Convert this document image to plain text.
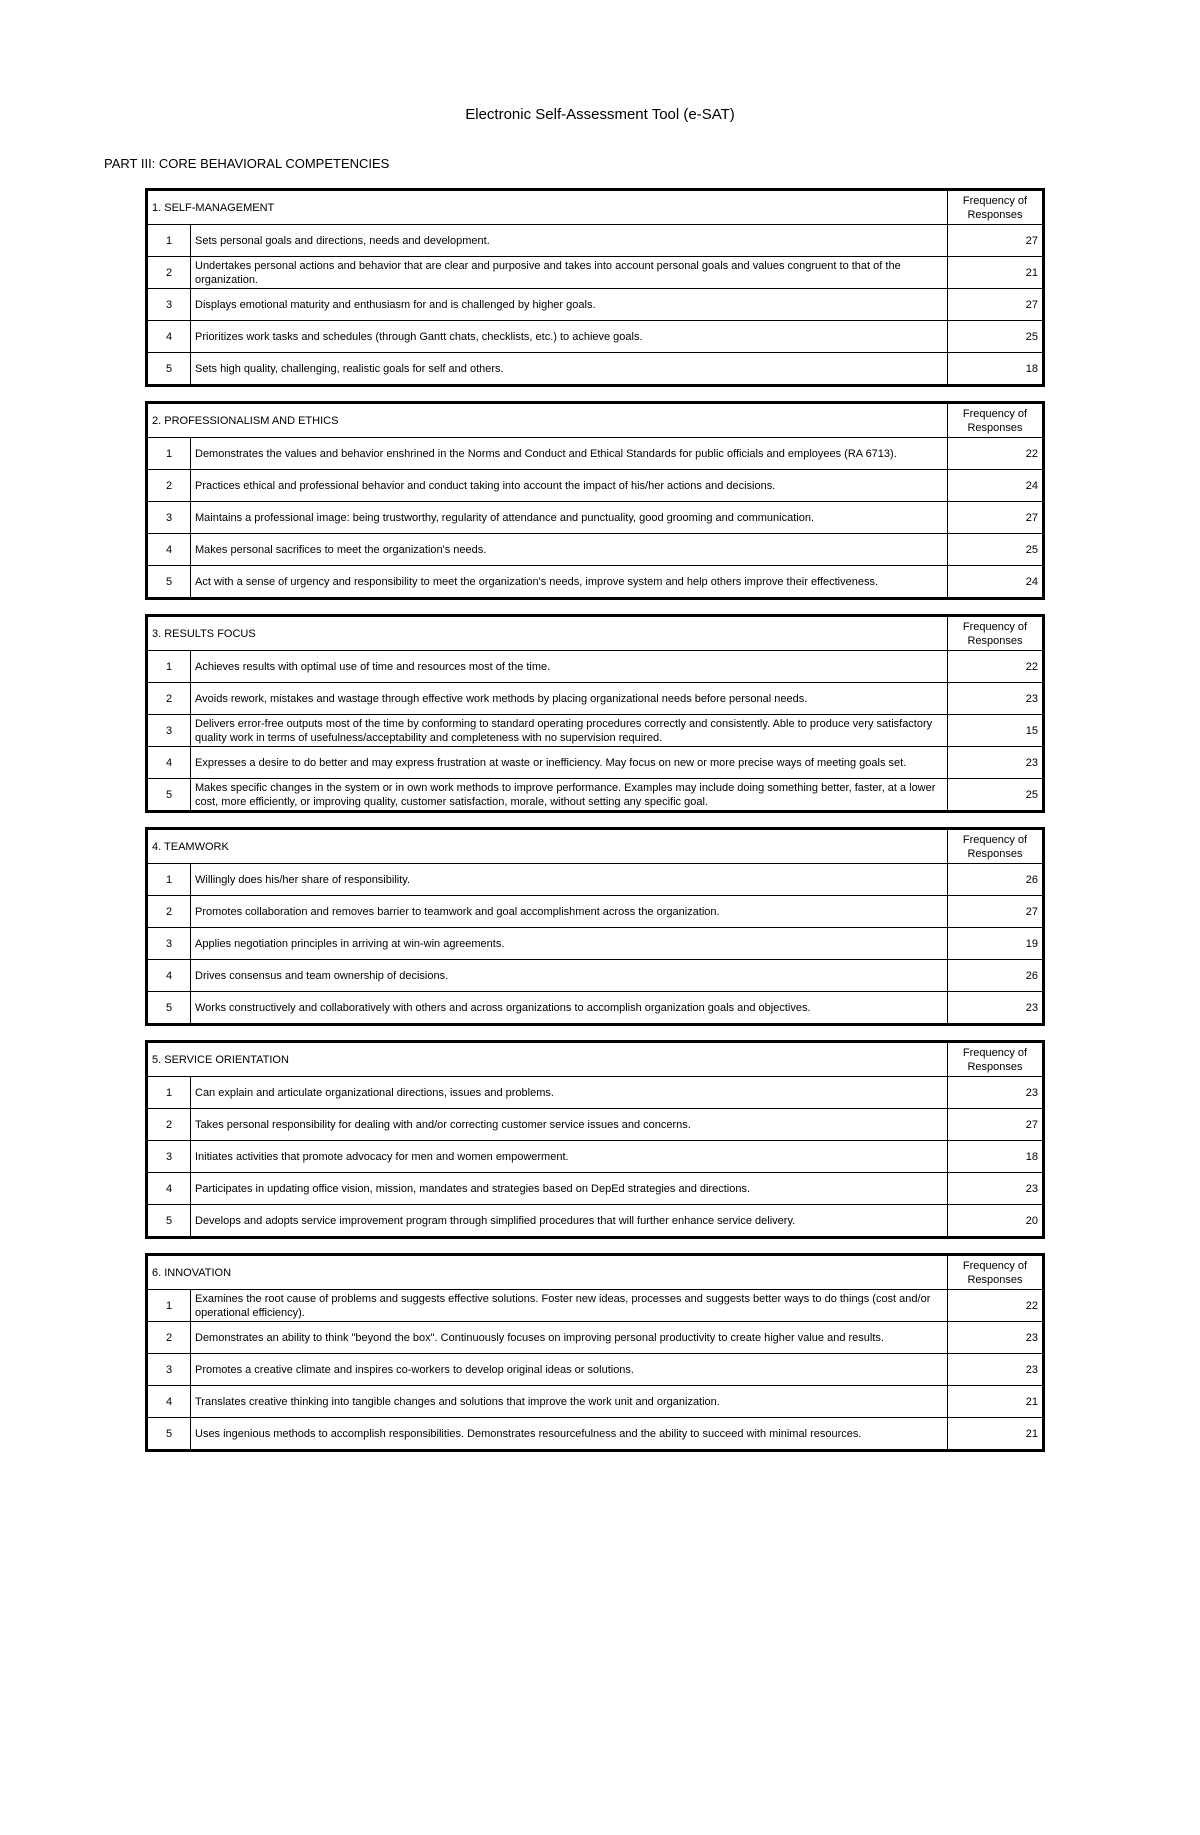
Electronic Self-Assessment Tool (e-SAT)
PART III: CORE BEHAVIORAL COMPETENCIES
1. SELF-MANAGEMENT		Frequency of Responses
1	Sets personal goals and directions, needs and development.	27
2	Undertakes personal actions and behavior that are clear and purposive and takes into account personal goals and values congruent to that of the organization.	21
3	Displays emotional maturity and enthusiasm for and is challenged by higher goals.	27
4	Prioritizes work tasks and schedules (through Gantt chats, checklists, etc.) to achieve goals.	25
5	Sets high quality, challenging, realistic goals for self and others.	18
2. PROFESSIONALISM AND ETHICS		Frequency of Responses
1	Demonstrates the values and behavior enshrined in the Norms and Conduct and Ethical Standards for public officials and employees (RA 6713).	22
2	Practices ethical and professional behavior and conduct taking into account the impact of his/her actions and decisions.	24
3	Maintains a professional image: being trustworthy, regularity of attendance and punctuality, good grooming and communication.	27
4	Makes personal sacrifices to meet the organization's needs.	25
5	Act with a sense of urgency and responsibility to meet the organization's needs, improve system and help others improve their effectiveness.	24
3. RESULTS FOCUS		Frequency of Responses
1	Achieves results with optimal use of time and resources most of the time.	22
2	Avoids rework, mistakes and wastage through effective work methods by placing organizational needs before personal needs.	23
3	Delivers error-free outputs most of the time by conforming to standard operating procedures correctly and consistently. Able to produce very satisfactory quality work in terms of usefulness/acceptability and completeness with no supervision required.	15
4	Expresses a desire to do better and may express frustration at waste or inefficiency. May focus on new or more precise ways of meeting goals set.	23
5	Makes specific changes in the system or in own work methods to improve performance. Examples may include doing something better, faster, at a lower cost, more efficiently, or improving quality, customer satisfaction, morale, without setting any specific goal.	25
4. TEAMWORK		Frequency of Responses
1	Willingly does his/her share of responsibility.	26
2	Promotes collaboration and removes barrier to teamwork and goal accomplishment across the organization.	27
3	Applies negotiation principles in arriving at win-win agreements.	19
4	Drives consensus and team ownership of decisions.	26
5	Works constructively and collaboratively with others and across organizations to accomplish organization goals and objectives.	23
5. SERVICE ORIENTATION		Frequency of Responses
1	Can explain and articulate organizational directions, issues and problems.	23
2	Takes personal responsibility for dealing with and/or correcting customer service issues and concerns.	27
3	Initiates activities that promote advocacy for men and women empowerment.	18
4	Participates in updating office vision, mission, mandates and strategies based on DepEd strategies and directions.	23
5	Develops and adopts service improvement program through simplified procedures that will further enhance service delivery.	20
6. INNOVATION		Frequency of Responses
1	Examines the root cause of problems and suggests effective solutions. Foster new ideas, processes and suggests better ways to do things (cost and/or operational efficiency).	22
2	Demonstrates an ability to think "beyond the box". Continuously focuses on improving personal productivity to create higher value and results.	23
3	Promotes a creative climate and inspires co-workers to develop original ideas or solutions.	23
4	Translates creative thinking into tangible changes and solutions that improve the work unit and organization.	21
5	Uses ingenious methods to accomplish responsibilities. Demonstrates resourcefulness and the ability to succeed with minimal resources.	21
